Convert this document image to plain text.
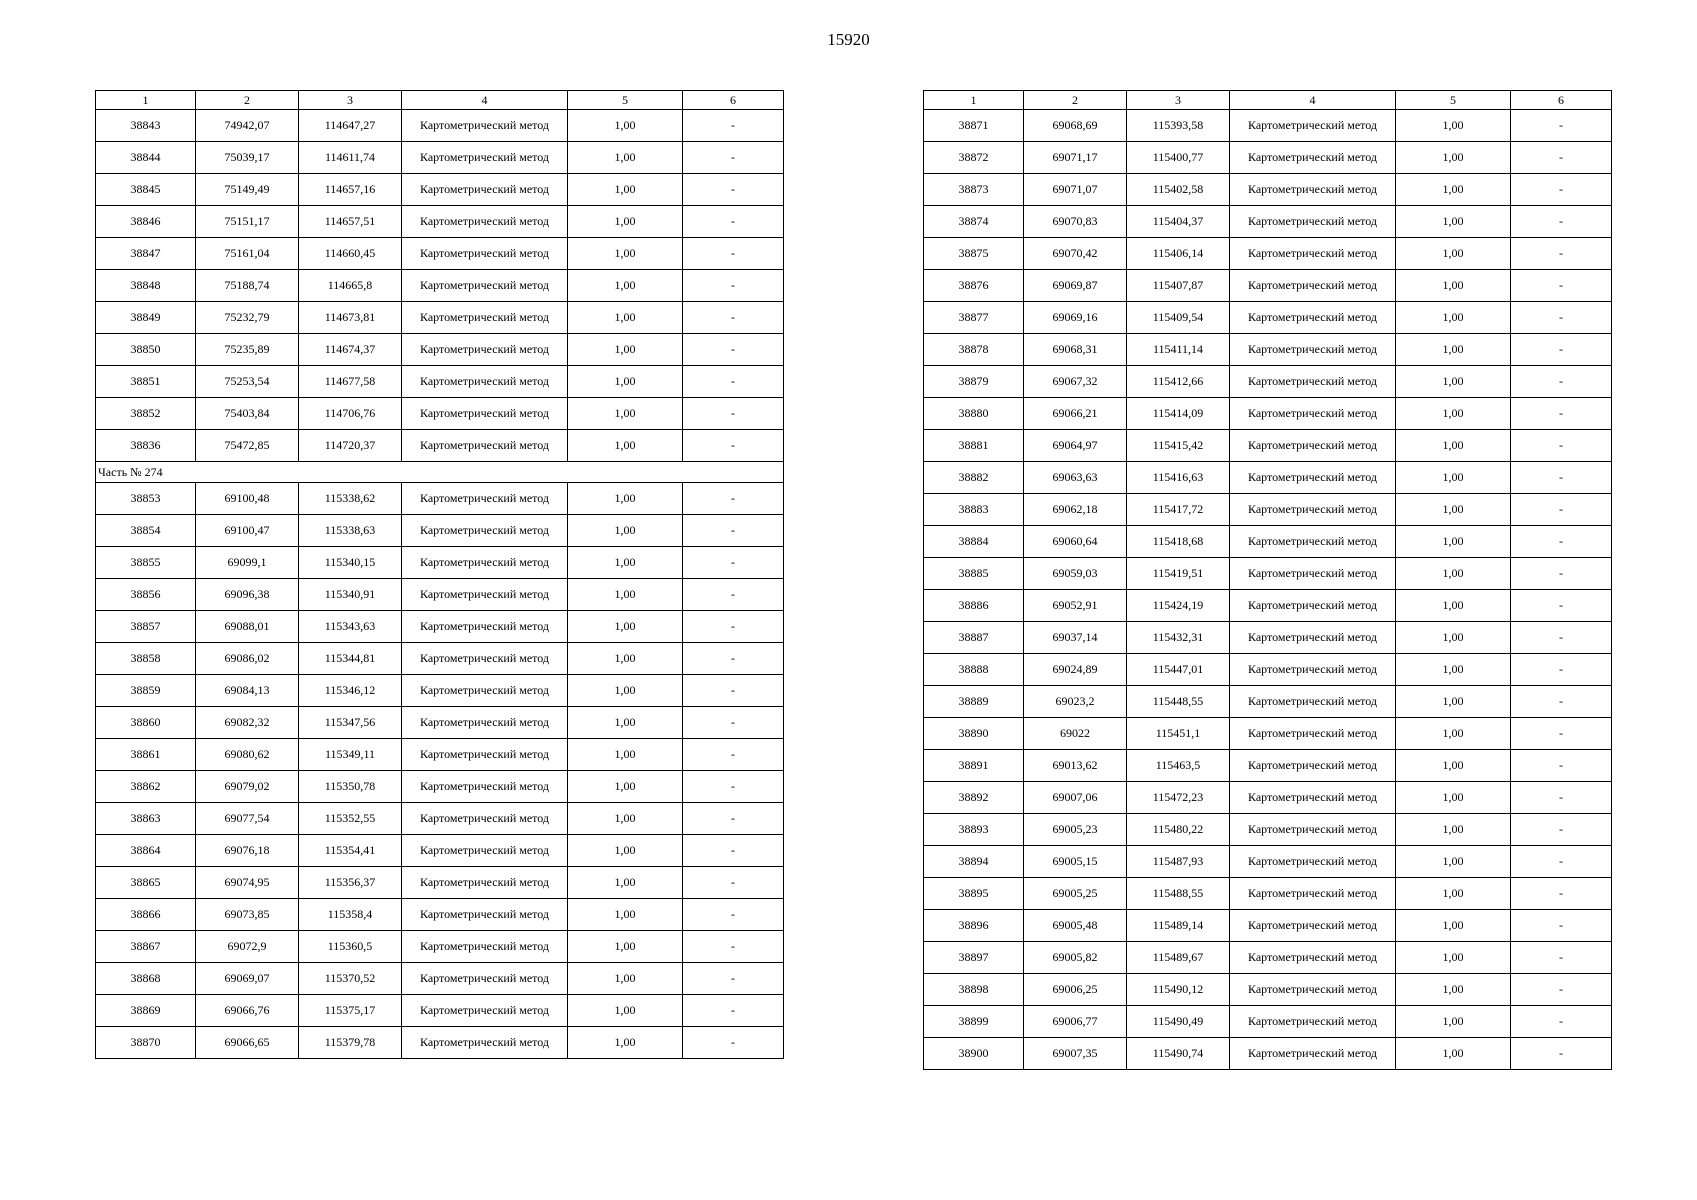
15920
1	2	3	4	5	6
38843	74942,07	114647,27	Картометрический метод	1,00	-
38844	75039,17	114611,74	Картометрический метод	1,00	-
38845	75149,49	114657,16	Картометрический метод	1,00	-
38846	75151,17	114657,51	Картометрический метод	1,00	-
38847	75161,04	114660,45	Картометрический метод	1,00	-
38848	75188,74	114665,8	Картометрический метод	1,00	-
38849	75232,79	114673,81	Картометрический метод	1,00	-
38850	75235,89	114674,37	Картометрический метод	1,00	-
38851	75253,54	114677,58	Картометрический метод	1,00	-
38852	75403,84	114706,76	Картометрический метод	1,00	-
38836	75472,85	114720,37	Картометрический метод	1,00	-
Часть № 274					
38853	69100,48	115338,62	Картометрический метод	1,00	-
38854	69100,47	115338,63	Картометрический метод	1,00	-
38855	69099,1	115340,15	Картометрический метод	1,00	-
38856	69096,38	115340,91	Картометрический метод	1,00	-
38857	69088,01	115343,63	Картометрический метод	1,00	-
38858	69086,02	115344,81	Картометрический метод	1,00	-
38859	69084,13	115346,12	Картометрический метод	1,00	-
38860	69082,32	115347,56	Картометрический метод	1,00	-
38861	69080,62	115349,11	Картометрический метод	1,00	-
38862	69079,02	115350,78	Картометрический метод	1,00	-
38863	69077,54	115352,55	Картометрический метод	1,00	-
38864	69076,18	115354,41	Картометрический метод	1,00	-
38865	69074,95	115356,37	Картометрический метод	1,00	-
38866	69073,85	115358,4	Картометрический метод	1,00	-
38867	69072,9	115360,5	Картометрический метод	1,00	-
38868	69069,07	115370,52	Картометрический метод	1,00	-
38869	69066,76	115375,17	Картометрический метод	1,00	-
38870	69066,65	115379,78	Картометрический метод	1,00	-
1	2	3	4	5	6
38871	69068,69	115393,58	Картометрический метод	1,00	-
38872	69071,17	115400,77	Картометрический метод	1,00	-
38873	69071,07	115402,58	Картометрический метод	1,00	-
38874	69070,83	115404,37	Картометрический метод	1,00	-
38875	69070,42	115406,14	Картометрический метод	1,00	-
38876	69069,87	115407,87	Картометрический метод	1,00	-
38877	69069,16	115409,54	Картометрический метод	1,00	-
38878	69068,31	115411,14	Картометрический метод	1,00	-
38879	69067,32	115412,66	Картометрический метод	1,00	-
38880	69066,21	115414,09	Картометрический метод	1,00	-
38881	69064,97	115415,42	Картометрический метод	1,00	-
38882	69063,63	115416,63	Картометрический метод	1,00	-
38883	69062,18	115417,72	Картометрический метод	1,00	-
38884	69060,64	115418,68	Картометрический метод	1,00	-
38885	69059,03	115419,51	Картометрический метод	1,00	-
38886	69052,91	115424,19	Картометрический метод	1,00	-
38887	69037,14	115432,31	Картометрический метод	1,00	-
38888	69024,89	115447,01	Картометрический метод	1,00	-
38889	69023,2	115448,55	Картометрический метод	1,00	-
38890	69022	115451,1	Картометрический метод	1,00	-
38891	69013,62	115463,5	Картометрический метод	1,00	-
38892	69007,06	115472,23	Картометрический метод	1,00	-
38893	69005,23	115480,22	Картометрический метод	1,00	-
38894	69005,15	115487,93	Картометрический метод	1,00	-
38895	69005,25	115488,55	Картометрический метод	1,00	-
38896	69005,48	115489,14	Картометрический метод	1,00	-
38897	69005,82	115489,67	Картометрический метод	1,00	-
38898	69006,25	115490,12	Картометрический метод	1,00	-
38899	69006,77	115490,49	Картометрический метод	1,00	-
38900	69007,35	115490,74	Картометрический метод	1,00	-
